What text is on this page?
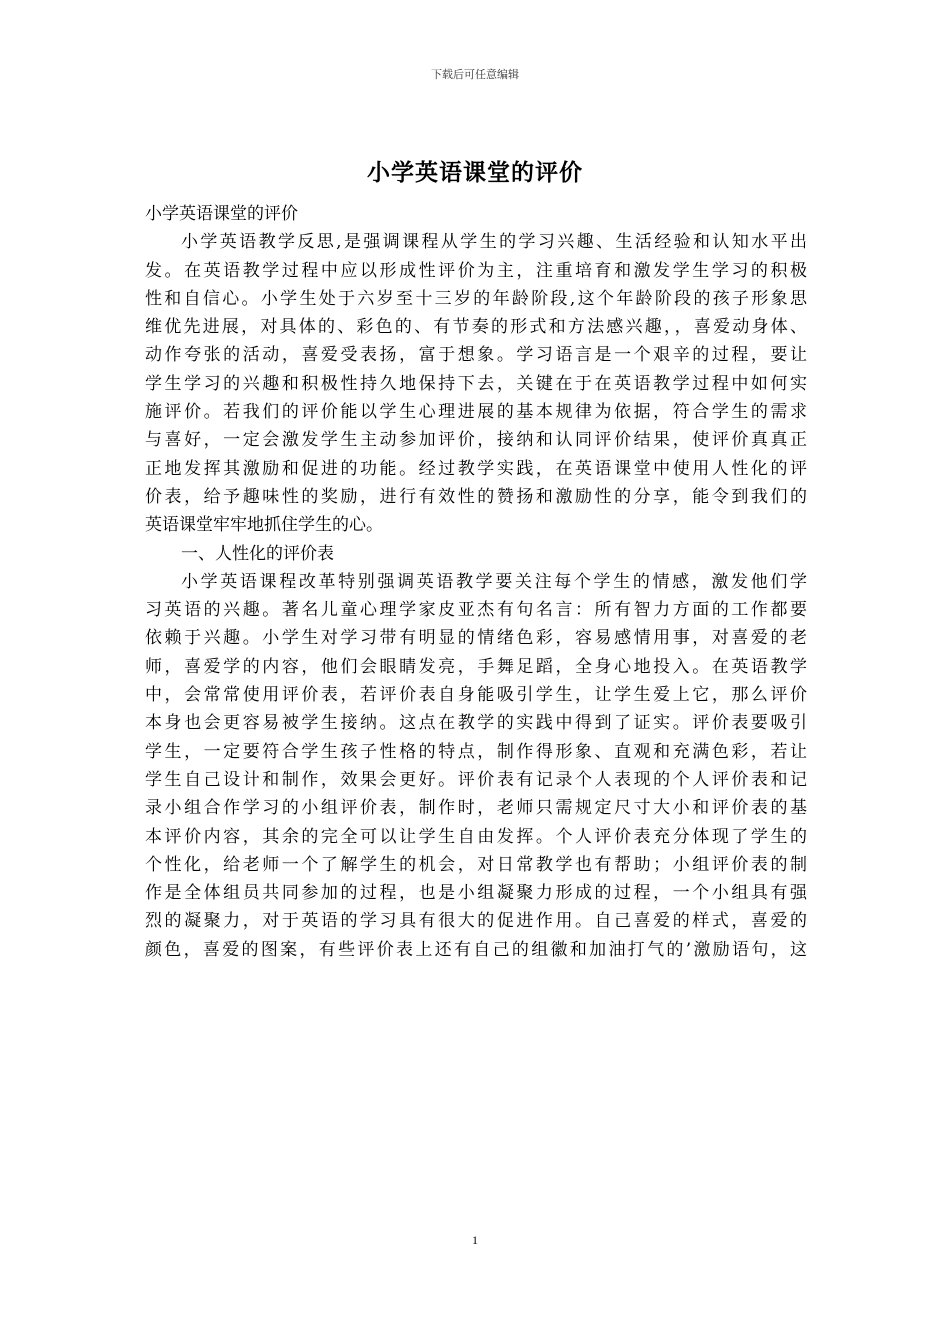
下载后可任意编辑
小学英语课堂的评价
小学英语课堂的评价
小学英语教学反思,是强调课程从学生的学习兴趣、生活经验和认知水平出
发。在英语教学过程中应以形成性评价为主，注重培育和激发学生学习的积极
性和自信心。小学生处于六岁至十三岁的年龄阶段,这个年龄阶段的孩子形象思
维优先进展，对具体的、彩色的、有节奏的形式和方法感兴趣，，喜爱动身体、
动作夸张的活动，喜爱受表扬，富于想象。学习语言是一个艰辛的过程，要让
学生学习的兴趣和积极性持久地保持下去，关键在于在英语教学过程中如何实
施评价。若我们的评价能以学生心理进展的基本规律为依据，符合学生的需求
与喜好，一定会激发学生主动参加评价，接纳和认同评价结果，使评价真真正
正地发挥其激励和促进的功能。经过教学实践，在英语课堂中使用人性化的评
价表，给予趣味性的奖励，进行有效性的赞扬和激励性的分享，能令到我们的
英语课堂牢牢地抓住学生的心。
一、人性化的评价表
小学英语课程改革特别强调英语教学要关注每个学生的情感，激发他们学
习英语的兴趣。著名儿童心理学家皮亚杰有句名言：所有智力方面的工作都要
依赖于兴趣。小学生对学习带有明显的情绪色彩，容易感情用事，对喜爱的老
师，喜爱学的内容，他们会眼睛发亮，手舞足蹈，全身心地投入。在英语教学
中，会常常使用评价表，若评价表自身能吸引学生，让学生爱上它，那么评价
本身也会更容易被学生接纳。这点在教学的实践中得到了证实。评价表要吸引
学生，一定要符合学生孩子性格的特点，制作得形象、直观和充满色彩，若让
学生自己设计和制作，效果会更好。评价表有记录个人表现的个人评价表和记
录小组合作学习的小组评价表，制作时，老师只需规定尺寸大小和评价表的基
本评价内容，其余的完全可以让学生自由发挥。个人评价表充分体现了学生的
个性化，给老师一个了解学生的机会，对日常教学也有帮助；小组评价表的制
作是全体组员共同参加的过程，也是小组凝聚力形成的过程，一个小组具有强
烈的凝聚力，对于英语的学习具有很大的促进作用。自己喜爱的样式，喜爱的
颜色，喜爱的图案，有些评价表上还有自己的组徽和加油打气的’激励语句，这
1
